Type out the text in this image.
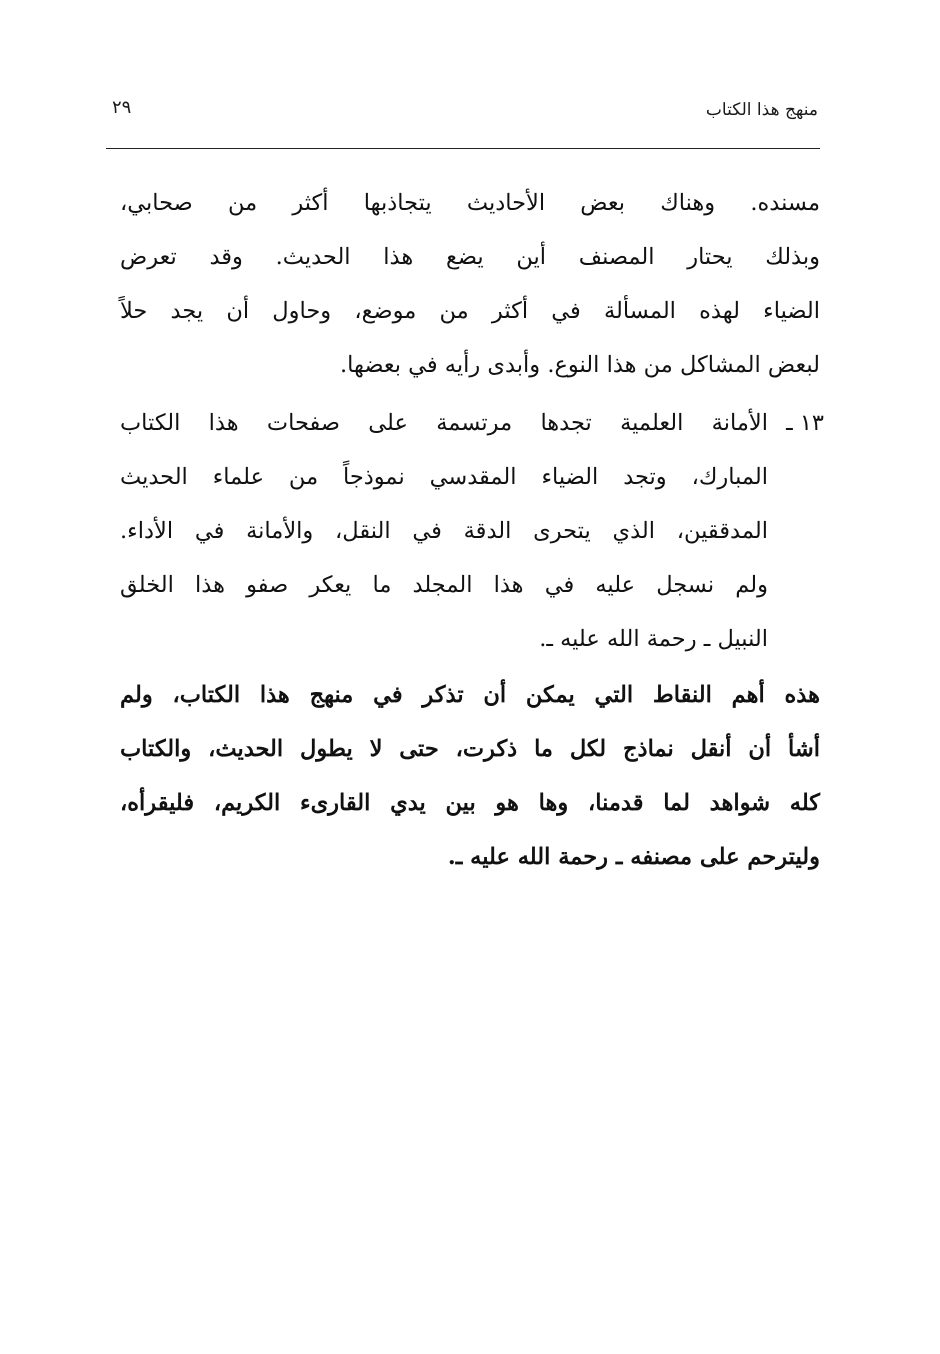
منهج هذا الكتاب
٢٩
مسنده. وهناك بعض الأحاديث يتجاذبها أكثر من صحابي،
وبذلك يحتار المصنف أين يضع هذا الحديث. وقد تعرض
الضياء لهذه المسألة في أكثر من موضع، وحاول أن يجد حلاً
لبعض المشاكل من هذا النوع. وأبدى رأيه في بعضها.
١٣ ـ
الأمانة العلمية تجدها مرتسمة على صفحات هذا الكتاب
المبارك، وتجد الضياء المقدسي نموذجاً من علماء الحديث
المدققين، الذي يتحرى الدقة في النقل، والأمانة في الأداء.
ولم نسجل عليه في هذا المجلد ما يعكر صفو هذا الخلق
النبيل ـ رحمة الله عليه ـ.
هذه أهم النقاط التي يمكن أن تذكر في منهج هذا الكتاب، ولم
أشأ أن أنقل نماذج لكل ما ذكرت، حتى لا يطول الحديث، والكتاب
كله شواهد لما قدمنا، وها هو بين يدي القارىء الكريم، فليقرأه،
وليترحم على مصنفه ـ رحمة الله عليه ـ.
